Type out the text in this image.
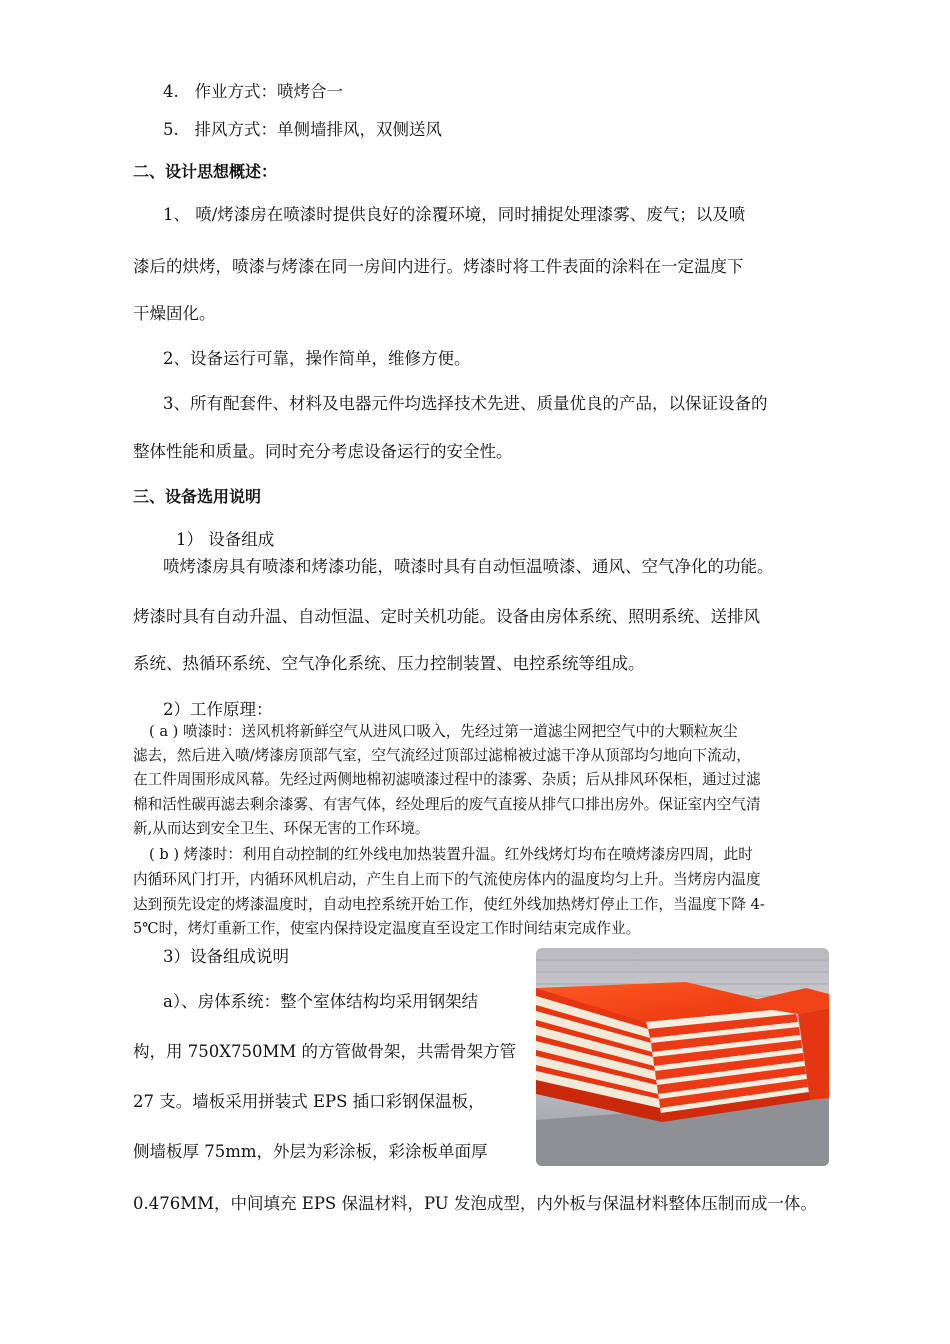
4.   作业方式：喷烤合一
5.   排风方式：单侧墙排风，双侧送风
二、设计思想概述：
1、 喷/烤漆房在喷漆时提供良好的涂覆环境，同时捕捉处理漆雾、废气；以及喷
漆后的烘烤，喷漆与烤漆在同一房间内进行。烤漆时将工件表面的涂料在一定温度下
干燥固化。
2、设备运行可靠，操作简单，维修方便。
3、所有配套件、材料及电器元件均选择技术先进、质量优良的产品，以保证设备的
整体性能和质量。同时充分考虑设备运行的安全性。
三、设备选用说明
1） 设备组成
喷烤漆房具有喷漆和烤漆功能，喷漆时具有自动恒温喷漆、通风、空气净化的功能。
烤漆时具有自动升温、自动恒温、定时关机功能。设备由房体系统、照明系统、送排风
系统、热循环系统、空气净化系统、压力控制装置、电控系统等组成。
2）工作原理：
( a ) 喷漆时：送风机将新鲜空气从进风口吸入，先经过第一道滤尘网把空气中的大颗粒灰尘
滤去，然后进入喷/烤漆房顶部气室，空气流经过顶部过滤棉被过滤干净从顶部均匀地向下流动，
在工件周围形成风幕。先经过两侧地棉初滤喷漆过程中的漆雾、杂质；后从排风环保柜，通过过滤
棉和活性碳再滤去剩余漆雾、有害气体，经处理后的废气直接从排气口排出房外。保证室内空气清
新,从而达到安全卫生、环保无害的工作环境。
( b ) 烤漆时：利用自动控制的红外线电加热装置升温。红外线烤灯均布在喷烤漆房四周，此时
内循环风门打开，内循环风机启动，产生自上而下的气流使房体内的温度均匀上升。当烤房内温度
达到预先设定的烤漆温度时，自动电控系统开始工作，使红外线加热烤灯停止工作，当温度下降 4-
5℃时，烤灯重新工作，使室内保持设定温度直至设定工作时间结束完成作业。
3）设备组成说明
a）、房体系统：整个室体结构均采用钢架结
构，用 750X750MM 的方管做骨架，共需骨架方管
27 支。墙板采用拼装式 EPS 插口彩钢保温板，
侧墙板厚 75mm，外层为彩涂板，彩涂板单面厚
0.476MM，中间填充 EPS 保温材料，PU 发泡成型，内外板与保温材料整体压制而成一体。
